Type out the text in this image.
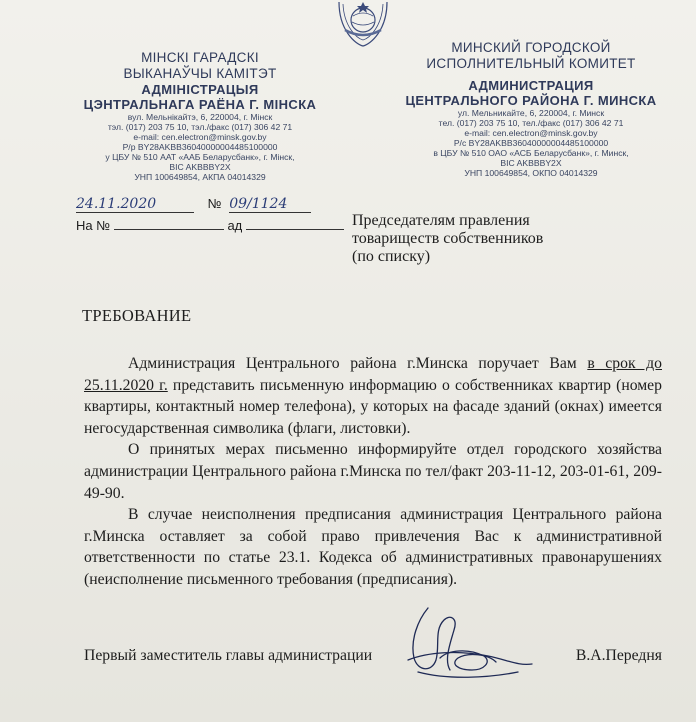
МІНСКІ ГАРАДСКІ
ВЫКАНАЎЧЫ КАМІТЭТ
АДМІНІСТРАЦЫЯ
ЦЭНТРАЛЬНАГА РАЁНА Г. МІНСКА
вул. Мельнікайтэ, 6, 220004, г. Мінск
тэл. (017) 203 75 10, тэл./факс (017) 306 42 71
e-mail: cen.electron@minsk.gov.by
Р/р BY28AKBB36040000004485100000
у ЦБУ № 510 ААТ «ААБ Беларусбанк», г. Мінск,
BIC AKBBBY2X
УНП 100649854, АКПА 04014329
МИНСКИЙ ГОРОДСКОЙ
ИСПОЛНИТЕЛЬНЫЙ КОМИТЕТ
АДМИНИСТРАЦИЯ
ЦЕНТРАЛЬНОГО РАЙОНА Г. МИНСКА
ул. Мельникайте, 6, 220004, г. Минск
тел. (017) 203 75 10, тел./факс (017) 306 42 71
e-mail: cen.electron@minsk.gov.by
Р/с BY28AKBB36040000004485100000
в ЦБУ № 510 ОАО «АСБ Беларусбанк», г. Минск,
BIC AKBBBY2X
УНП 100649854, ОКПО 04014329
24.11.2020	№ 09/1124
На №	ад	Председателям правления
товариществ собственников
(по списку)
ТРЕБОВАНИЕ

Администрация Центрального района г.Минска поручает Вам в срок до 25.11.2020 г. представить письменную информацию о собственниках квартир (номер квартиры, контактный номер телефона), у которых на фасаде зданий (окнах) имеется негосударственная символика (флаги, листовки).

О принятых мерах письменно информируйте отдел городского хозяйства администрации Центрального района г.Минска по тел/факт 203-11-12, 203-01-61, 209-49-90.

В случае неисполнения предписания администрация Центрального района г.Минска оставляет за собой право привлечения Вас к административной ответственности по статье 23.1. Кодекса об административных правонарушениях (неисполнение письменного требования (предписания).

Первый заместитель главы администрации	В.А.Передня
